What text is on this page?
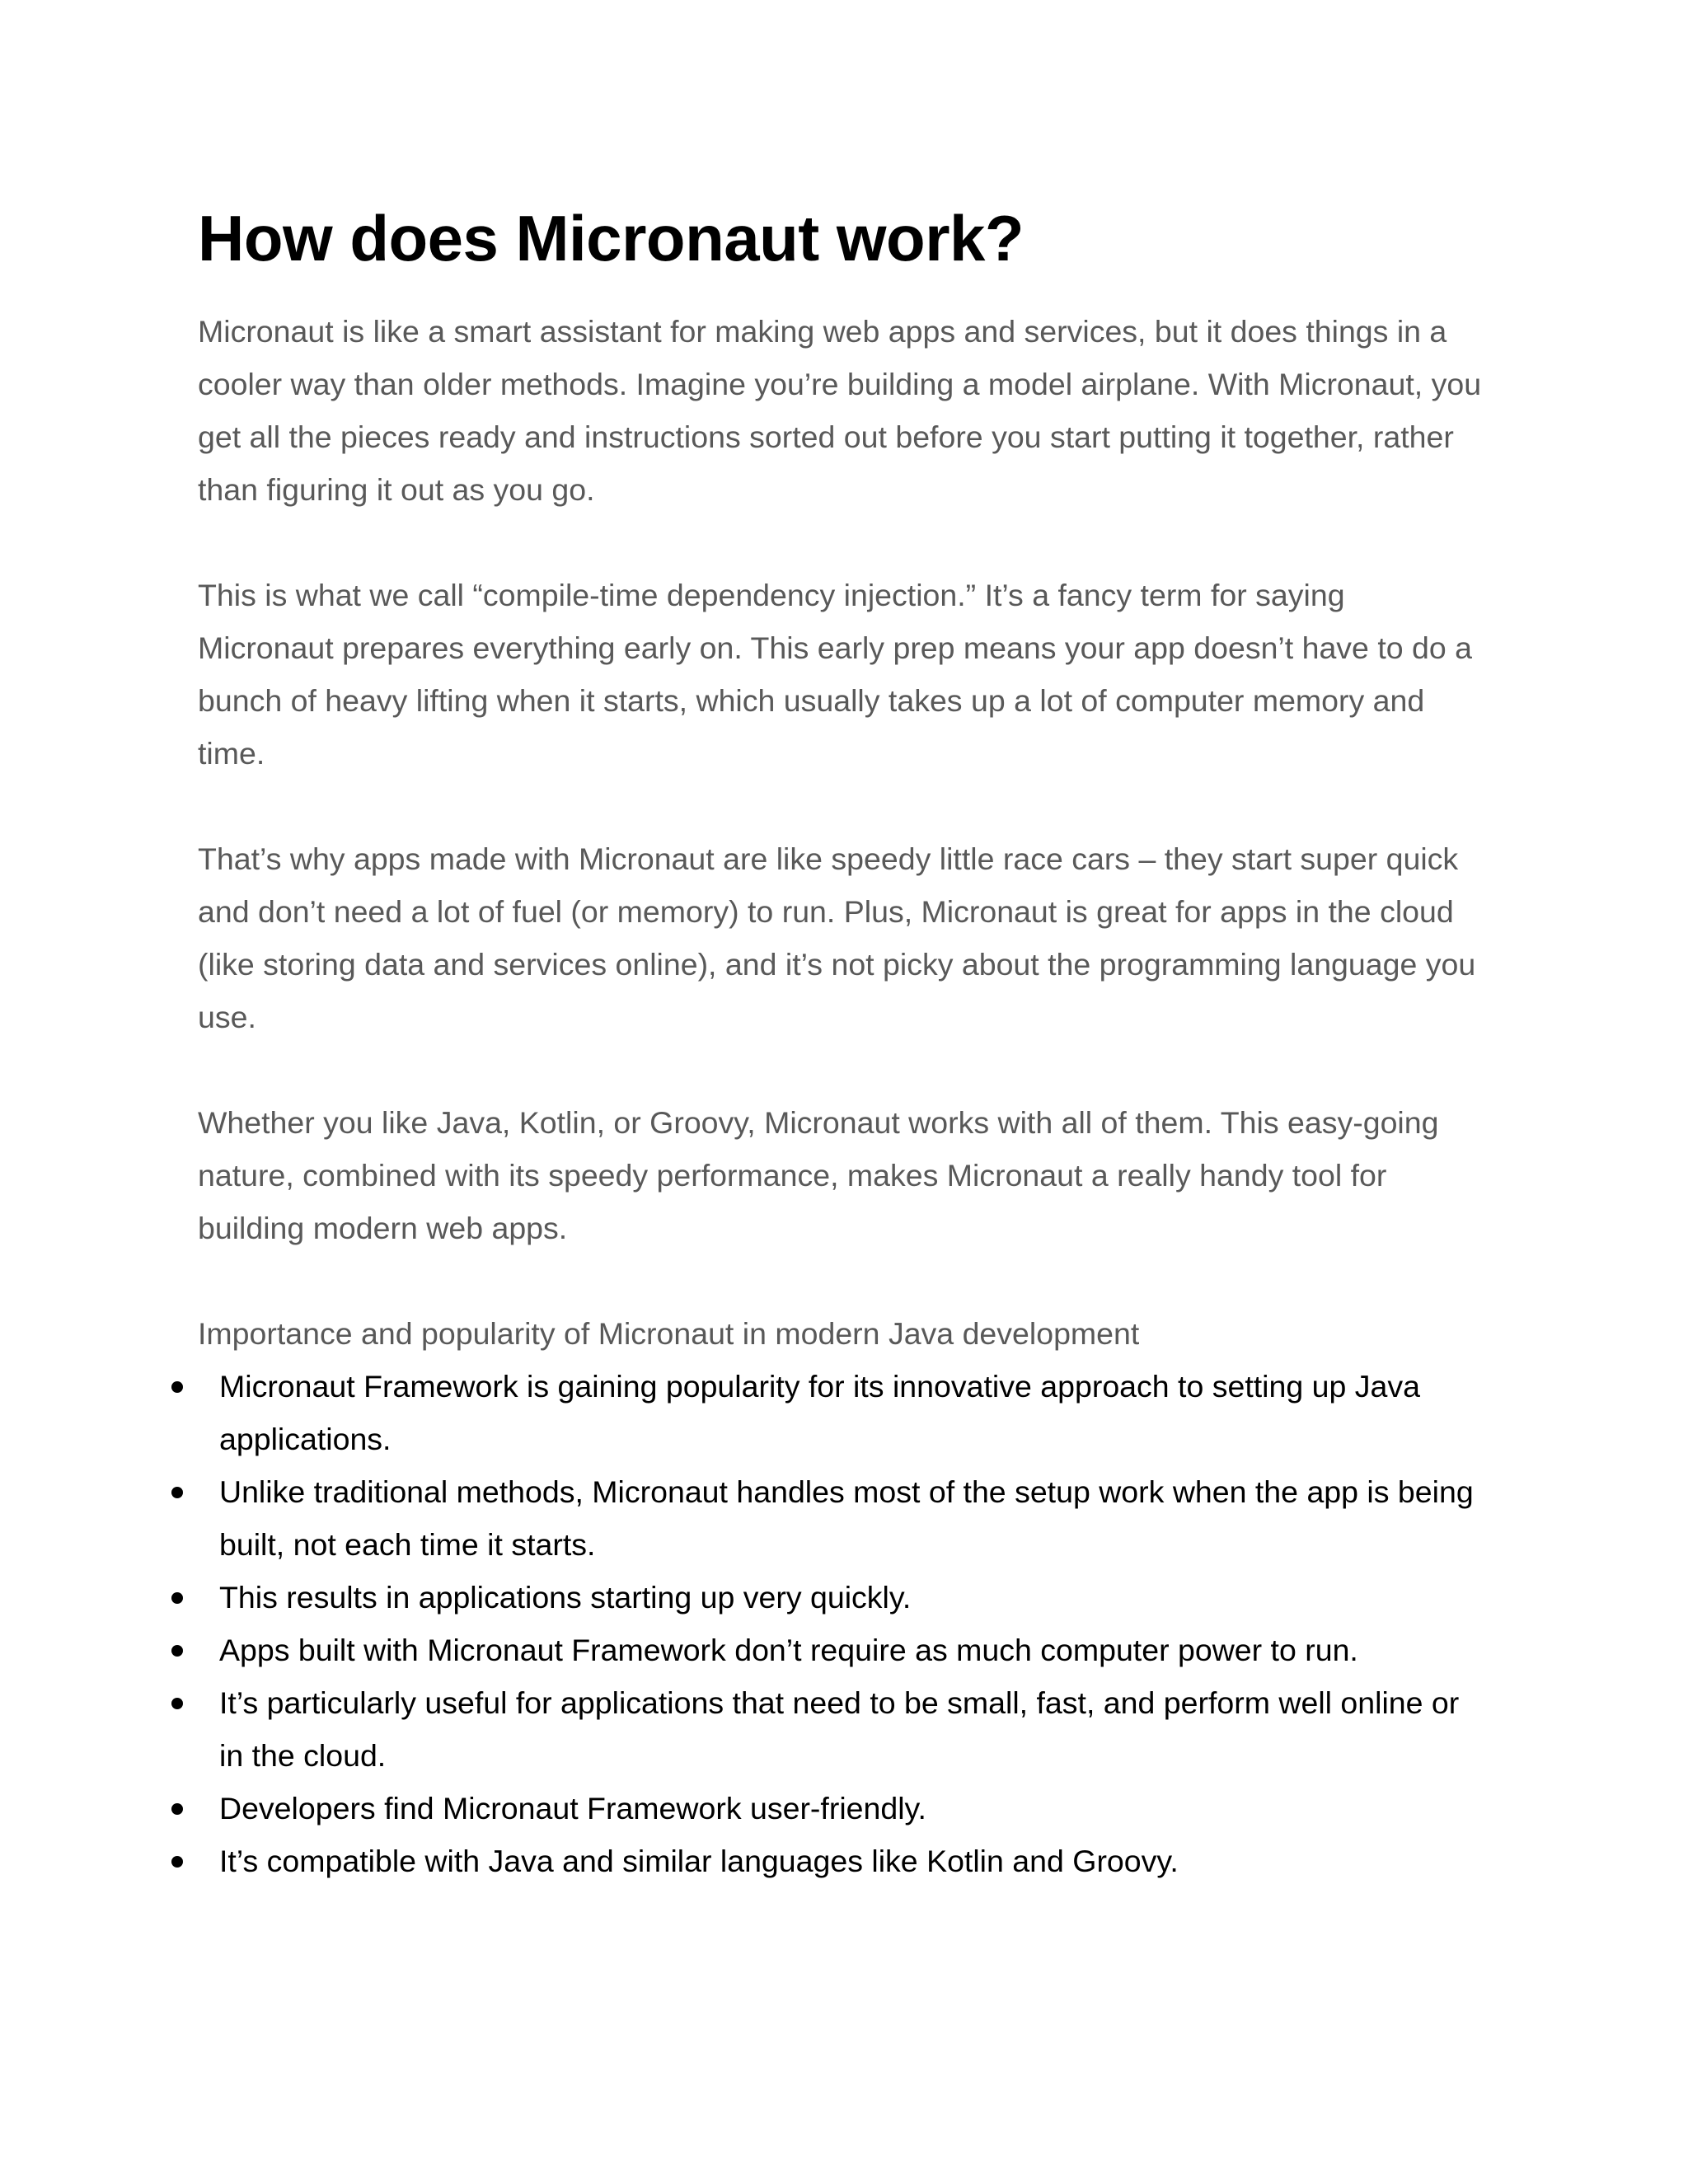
How does Micronaut work?

Micronaut is like a smart assistant for making web apps and services, but it does things in a cooler way than older methods. Imagine you’re building a model airplane. With Micronaut, you get all the pieces ready and instructions sorted out before you start putting it together, rather than figuring it out as you go.

This is what we call “compile-time dependency injection.” It’s a fancy term for saying Micronaut prepares everything early on. This early prep means your app doesn’t have to do a bunch of heavy lifting when it starts, which usually takes up a lot of computer memory and time.

That’s why apps made with Micronaut are like speedy little race cars – they start super quick and don’t need a lot of fuel (or memory) to run. Plus, Micronaut is great for apps in the cloud (like storing data and services online), and it’s not picky about the programming language you use.

Whether you like Java, Kotlin, or Groovy, Micronaut works with all of them. This easy-going nature, combined with its speedy performance, makes Micronaut a really handy tool for building modern web apps.

Importance and popularity of Micronaut in modern Java development

Micronaut Framework is gaining popularity for its innovative approach to setting up Java applications.
Unlike traditional methods, Micronaut handles most of the setup work when the app is being built, not each time it starts.
This results in applications starting up very quickly.
Apps built with Micronaut Framework don’t require as much computer power to run.
It’s particularly useful for applications that need to be small, fast, and perform well online or in the cloud.
Developers find Micronaut Framework user-friendly.
It’s compatible with Java and similar languages like Kotlin and Groovy.
